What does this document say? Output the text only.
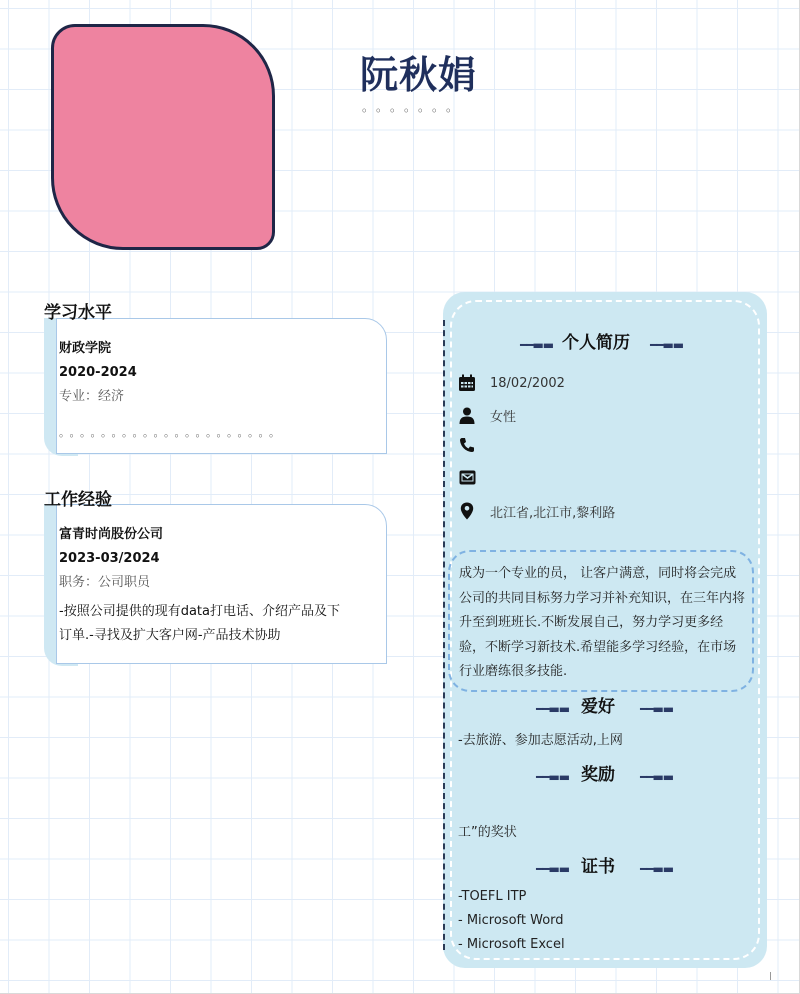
阮秋娟
。。。。。。。
学习水平
财政学院
2020-2024
专业：经济
。。。。。。。。。。。。。。。。。。。。。
工作经验
富青时尚股份公司
2023-03/2024
职务：公司职员
-按照公司提供的现有data打电话、介绍产品及下
订单.-寻找及扩大客户网-产品技术协助
━━▬▬ 个人简历 ━━▬▬
18/02/2002
女性
北江省,北江市,黎利路
成为一个专业的员， 让客户满意，同时将会完成公司的共同目标努力学习并补充知识，在三年内将升至到班班长.不断发展自己，努力学习更多经验，不断学习新技术.希望能多学习经验，在市场行业磨练很多技能.
━━▬▬ 爱好 ━━▬▬
-去旅游、参加志愿活动,上网
━━▬▬ 奖励 ━━▬▬
工”的奖状
━━▬▬ 证书 ━━▬▬
-TOEFL ITP
- Microsoft Word
- Microsoft Excel
